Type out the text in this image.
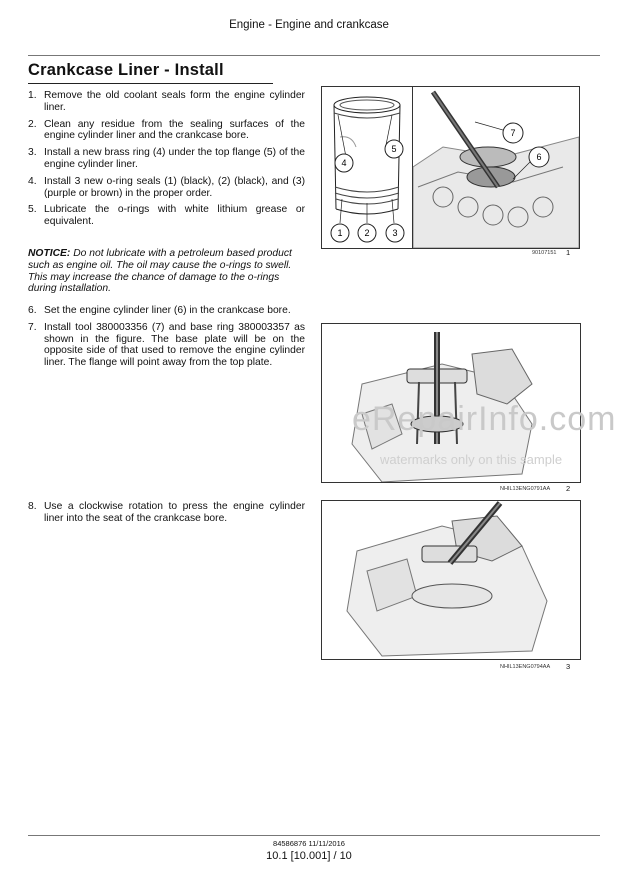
Engine - Engine and crankcase
Crankcase Liner - Install
1. Remove the old coolant seals form the engine cylinder liner.
2. Clean any residue from the sealing surfaces of the engine cylinder liner and the crankcase bore.
3. Install a new brass ring (4) under the top flange (5) of the engine cylinder liner.
4. Install 3 new o-ring seals (1) (black), (2) (black), and (3) (purple or brown) in the proper order.
5. Lubricate the o-rings with white lithium grease or equivalent.
NOTICE: Do not lubricate with a petroleum based product such as engine oil. The oil may cause the o-rings to swell. This may increase the chance of damage to the o-rings during installation.
6. Set the engine cylinder liner (6) in the crankcase bore.
7. Install tool 380003356 (7) and base ring 380003357 as shown in the figure. The base plate will be on the opposite side of that used to remove the engine cylinder liner. The flange will point away from the top plate.
8. Use a clockwise rotation to press the engine cylinder liner into the seat of the crankcase bore.
4
5
1 2	3
7
6
90107151 1
NHIL13ENG0791AA 2
NHIL13ENG0794AA 3
eRepairInfo.com
watermarks only on this sample
84586876 11/11/2016
10.1 [10.001] / 10
